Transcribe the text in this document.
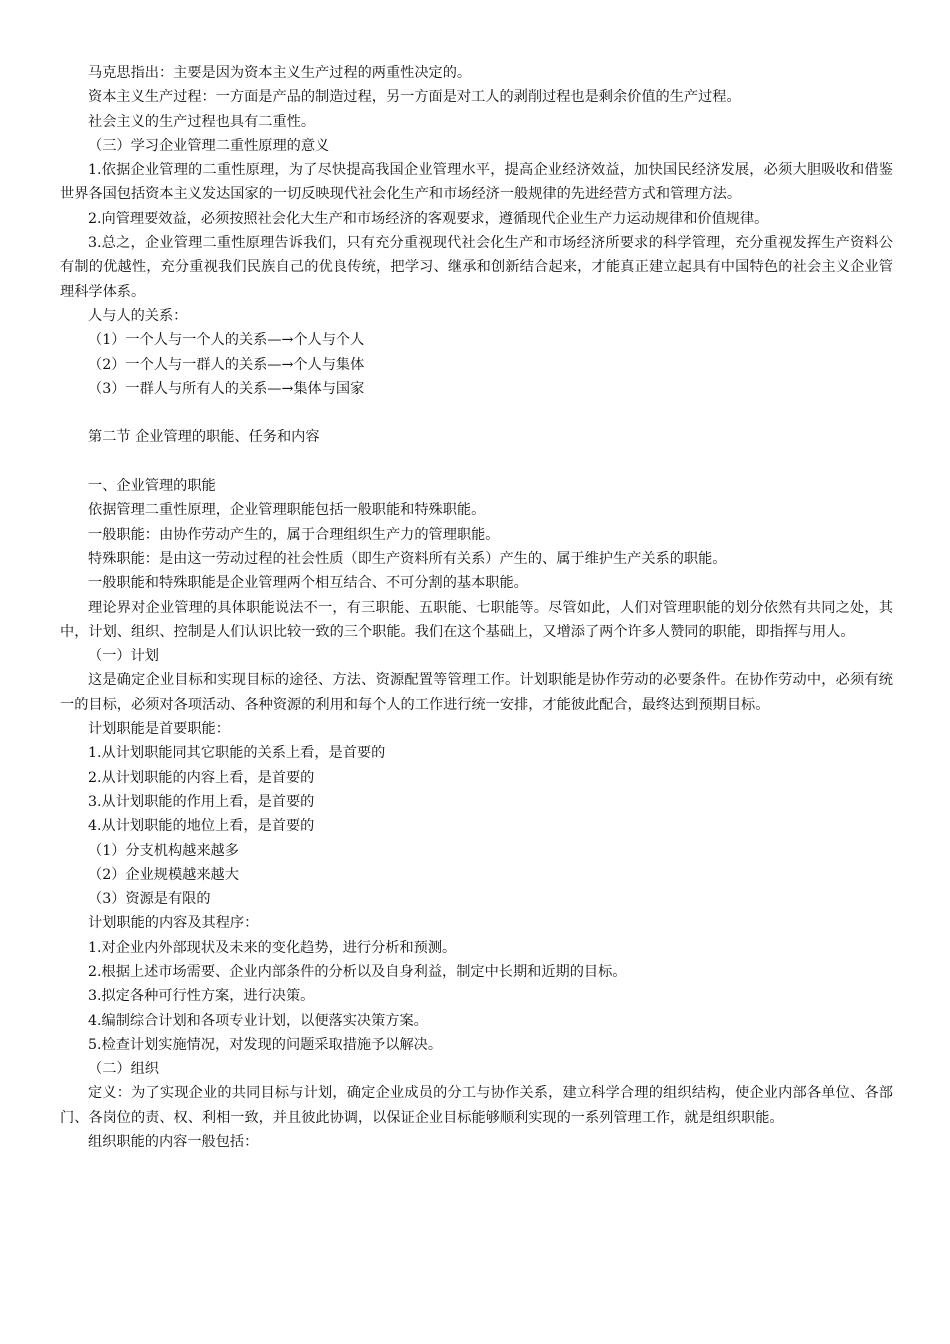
马克思指出：主要是因为资本主义生产过程的两重性决定的。

资本主义生产过程：一方面是产品的制造过程，另一方面是对工人的剥削过程也是剩余价值的生产过程。

社会主义的生产过程也具有二重性。

（三）学习企业管理二重性原理的意义

1.依据企业管理的二重性原理，为了尽快提高我国企业管理水平，提高企业经济效益，加快国民经济发展，必须大胆吸收和借鉴世界各国包括资本主义发达国家的一切反映现代社会化生产和市场经济一般规律的先进经营方式和管理方法。

2.向管理要效益，必须按照社会化大生产和市场经济的客观要求，遵循现代企业生产力运动规律和价值规律。

3.总之，企业管理二重性原理告诉我们，只有充分重视现代社会化生产和市场经济所要求的科学管理，充分重视发挥生产资料公有制的优越性，充分重视我们民族自己的优良传统，把学习、继承和创新结合起来，才能真正建立起具有中国特色的社会主义企业管理科学体系。

人与人的关系：

（1）一个人与一个人的关系—→个人与个人

（2）一个人与一群人的关系—→个人与集体

（3）一群人与所有人的关系—→集体与国家

第二节 企业管理的职能、任务和内容

一、企业管理的职能

依据管理二重性原理，企业管理职能包括一般职能和特殊职能。

一般职能：由协作劳动产生的，属于合理组织生产力的管理职能。

特殊职能：是由这一劳动过程的社会性质（即生产资料所有关系）产生的、属于维护生产关系的职能。

一般职能和特殊职能是企业管理两个相互结合、不可分割的基本职能。

理论界对企业管理的具体职能说法不一，有三职能、五职能、七职能等。尽管如此，人们对管理职能的划分依然有共同之处，其中，计划、组织、控制是人们认识比较一致的三个职能。我们在这个基础上，又增添了两个许多人赞同的职能，即指挥与用人。

（一）计划

这是确定企业目标和实现目标的途径、方法、资源配置等管理工作。计划职能是协作劳动的必要条件。在协作劳动中，必须有统一的目标，必须对各项活动、各种资源的利用和每个人的工作进行统一安排，才能彼此配合，最终达到预期目标。

计划职能是首要职能：

1.从计划职能同其它职能的关系上看，是首要的

2.从计划职能的内容上看，是首要的

3.从计划职能的作用上看，是首要的

4.从计划职能的地位上看，是首要的

（1）分支机构越来越多

（2）企业规模越来越大

（3）资源是有限的

计划职能的内容及其程序：

1.对企业内外部现状及未来的变化趋势，进行分析和预测。

2.根据上述市场需要、企业内部条件的分析以及自身利益，制定中长期和近期的目标。

3.拟定各种可行性方案，进行决策。

4.编制综合计划和各项专业计划，以便落实决策方案。

5.检查计划实施情况，对发现的问题采取措施予以解决。

（二）组织

定义：为了实现企业的共同目标与计划，确定企业成员的分工与协作关系，建立科学合理的组织结构，使企业内部各单位、各部门、各岗位的责、权、利相一致，并且彼此协调，以保证企业目标能够顺利实现的一系列管理工作，就是组织职能。

组织职能的内容一般包括：
